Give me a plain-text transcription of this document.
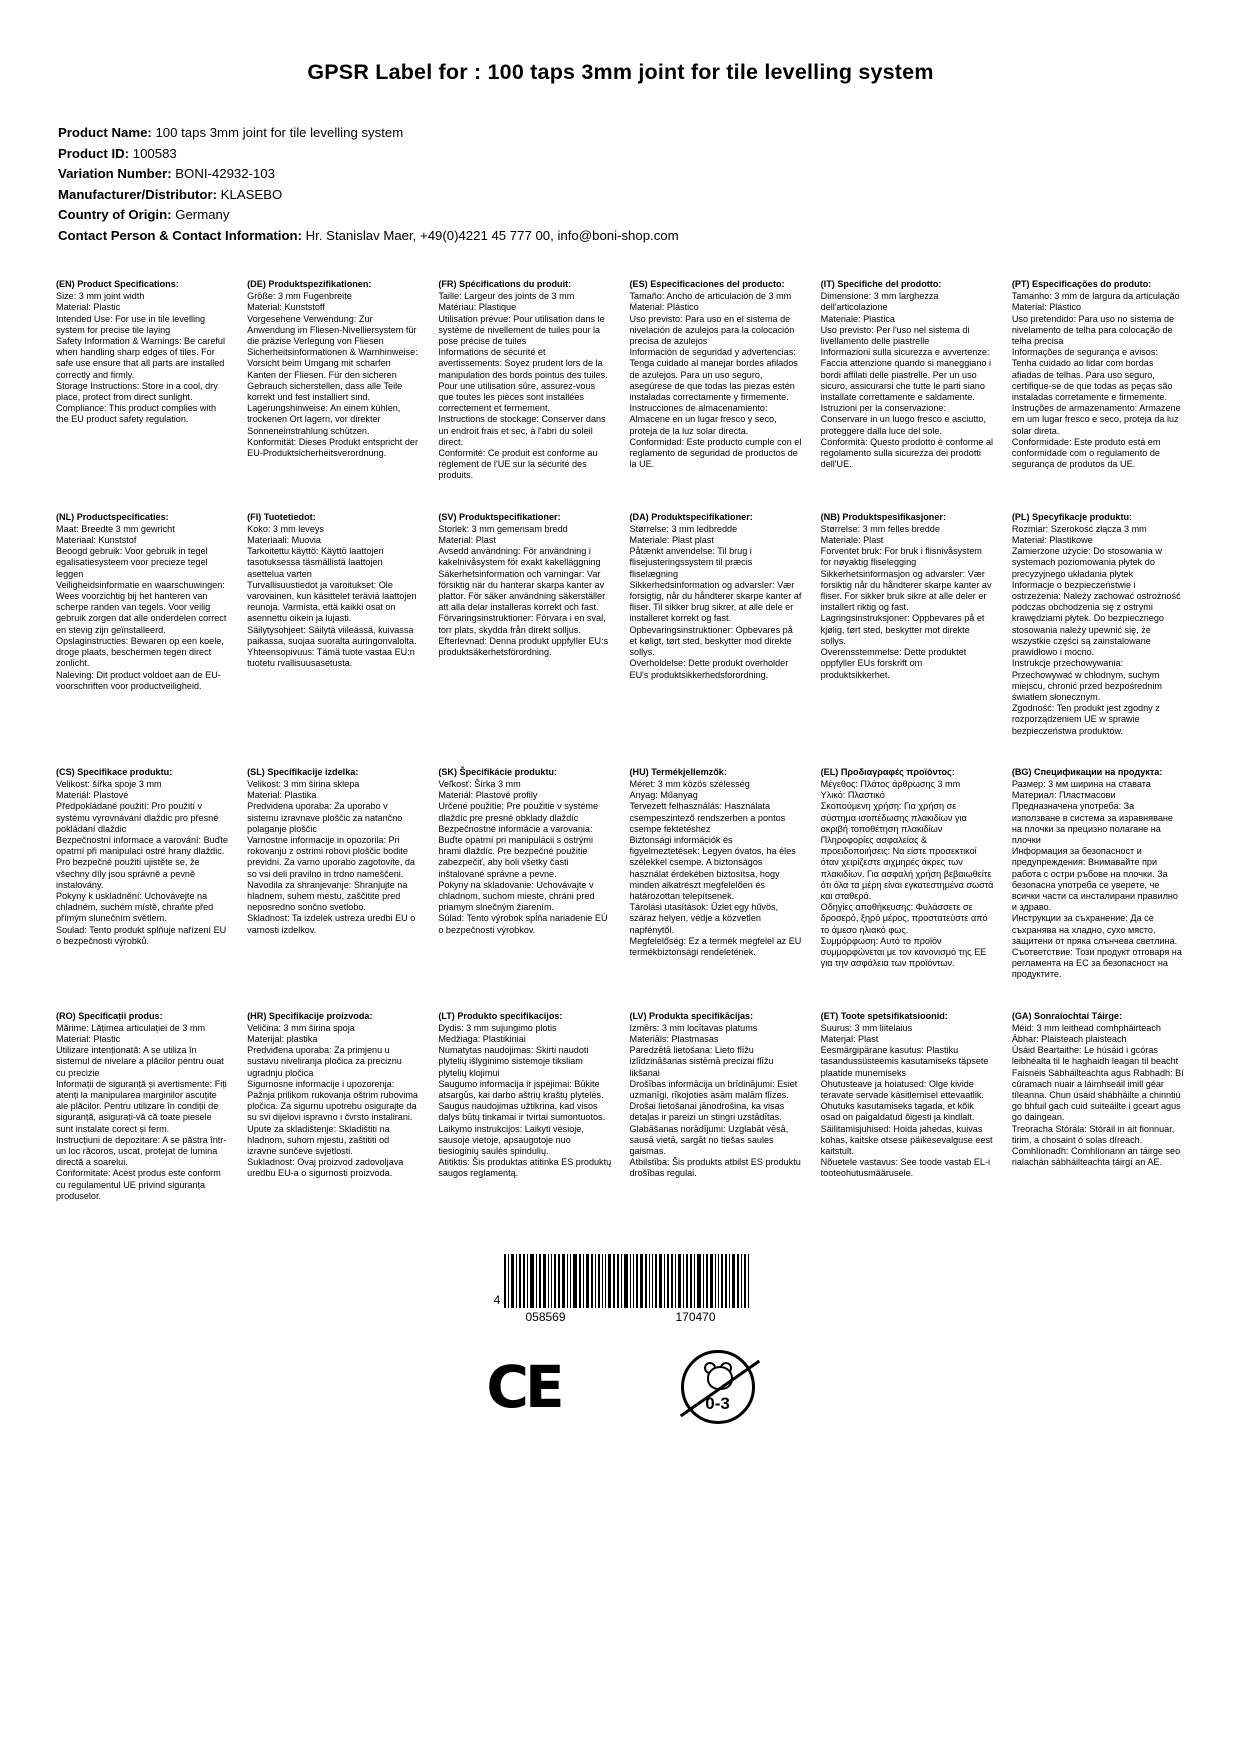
GPSR Label for : 100 taps 3mm joint for tile levelling system
Product Name: 100 taps 3mm joint for tile levelling system
Product ID: 100583
Variation Number: BONI-42932-103
Manufacturer/Distributor: KLASEBO
Country of Origin: Germany
Contact Person & Contact Information: Hr. Stanislav Maer, +49(0)4221 45 777 00, info@boni-shop.com
(EN) Product Specifications:
Size: 3 mm joint width
Material: Plastic
Intended Use: For use in tile levelling system for precise tile laying
Safety Information & Warnings: Be careful when handling sharp edges of tiles. For safe use ensure that all parts are installed correctly and firmly.
Storage Instructions: Store in a cool, dry place, protect from direct sunlight.
Compliance: This product complies with the EU product safety regulation.
(DE) Produktspezifikationen:
Größe: 3 mm Fugenbreite
Material: Kunststoff
Vorgesehene Verwendung: Zur Anwendung im Fliesen-Nivelliersystem für die präzise Verlegung von Fliesen
Sicherheitsinformationen & Warnhinweise: Vorsicht beim Umgang mit scharfen Kanten der Fliesen. Für den sicheren Gebrauch sicherstellen, dass alle Teile korrekt und fest installiert sind.
Lagerungshinweise: An einem kühlen, trockenen Ort lagern, vor direkter Sonneneinstrahlung schützen.
Konformität: Dieses Produkt entspricht der EU-Produktsicherheitsverordnung.
(FR) Spécifications du produit:
Taille: Largeur des joints de 3 mm
Matériau: Plastique
Utilisation prévue: Pour utilisation dans le système de nivellement de tuiles pour la pose précise de tuiles
Informations de sécurité et avertissements: Soyez prudent lors de la manipulation des bords pointus des tuiles. Pour une utilisation sûre, assurez-vous que toutes les pièces sont installées correctement et fermement.
Instructions de stockage: Conserver dans un endroit frais et sec, à l'abri du soleil direct.
Conformité: Ce produit est conforme au règlement de l'UE sur la sécurité des produits.
(ES) Especificaciones del producto:
Tamaño: Ancho de articulación de 3 mm
Material: Plástico
Uso previsto: Para uso en el sistema de nivelación de azulejos para la colocación precisa de azulejos
Información de seguridad y advertencias: Tenga cuidado al manejar bordes afilados de azulejos. Para un uso seguro, asegúrese de que todas las piezas estén instaladas correctamente y firmemente.
Instrucciones de almacenamiento: Almacene en un lugar fresco y seco, proteja de la luz solar directa.
Conformidad: Este producto cumple con el reglamento de seguridad de productos de la UE.
(IT) Specifiche del prodotto:
Dimensione: 3 mm larghezza dell'articolazione
Materiale: Plastica
Uso previsto: Per l'uso nel sistema di livellamento delle piastrelle
Informazioni sulla sicurezza e avvertenze: Faccia attenzione quando si maneggiano i bordi affilati delle piastrelle. Per un uso sicuro, assicurarsi che tutte le parti siano installate correttamente e saldamente.
Istruzioni per la conservazione: Conservare in un luogo fresco e asciutto, proteggere dalla luce del sole.
Conformità: Questo prodotto è conforme al regolamento sulla sicurezza dei prodotti dell'UE.
(PT) Especificações do produto:
Tamanho: 3 mm de largura da articulação
Material: Plástico
Uso pretendido: Para uso no sistema de nivelamento de telha para colocação de telha precisa
Informações de segurança e avisos: Tenha cuidado ao lidar com bordas afiadas de telhas. Para uso seguro, certifique-se de que todas as peças são instaladas corretamente e firmemente.
Instruções de armazenamento: Armazene em um lugar fresco e seco, proteja da luz solar direta.
Conformidade: Este produto está em conformidade com o regulamento de segurança de produtos da UE.
(NL) Productspecificaties:
Maat: Breedte 3 mm gewricht
Materiaal: Kunststof
Beoogd gebruik: Voor gebruik in tegel egalisatiesysteem voor precieze tegel leggen
Veiligheidsinformatie en waarschuwingen: Wees voorzichtig bij het hanteren van scherpe randen van tegels. Voor veilig gebruik zorgen dat alle onderdelen correct en stevig zijn geïnstalleerd.
Opslaginstructies: Bewaren op een koele, droge plaats, beschermen tegen direct zonlicht.
Naleving: Dit product voldoet aan de EU-voorschriften voor productveiligheid.
(FI) Tuotetiedot:
Koko: 3 mm leveys
Materiaali: Muovia
Tarkoitettu käyttö: Käyttö laattojen tasotuksessa täsmällistä laattojen asettelua varten
Turvallisuustiedot ja varoitukset: Ole varovainen, kun käsittelet teräviä laattojen reunoja. Varmista, että kaikki osat on asennettu oikein ja lujasti.
Säilytysohjeet: Säilytä viileässä, kuivassa paikassa, suojaa suoralta auringonvalolta.
Yhteensopivuus: Tämä tuote vastaa EU:n tuotetu rvallisuusasetusta.
(SV) Produktspecifikationer:
Storlek: 3 mm gemensam bredd
Material: Plast
Avsedd användning: För användning i kakelnivåsystem för exakt kakelläggning
Säkerhetsinformation och varningar: Var försiktig när du hanterar skarpa kanter av plattor. För säker användning säkerställer att alla delar installeras korrekt och fast.
Förvaringsinstruktioner: Förvara i en sval, torr plats, skydda från direkt solljus.
Efterlevnad: Denna produkt uppfyller EU:s produktsäkerhetsförordning.
(DA) Produktspecifikationer:
Størrelse: 3 mm ledbredde
Materiale: Plast plast
Påtænkt anvendelse: Til brug i flisejusteringssystem til præcis fliselægning
Sikkerhedsinformation og advarsler: Vær forsigtig, når du håndterer skarpe kanter af fliser. Til sikker brug sikrer, at alle dele er installeret korrekt og fast.
Opbevaringsinstruktioner: Opbevares på et køligt, tørt sted, beskytter mod direkte sollys.
Overholdelse: Dette produkt overholder EU's produktsikkerhedsforordning.
(NB) Produktspesifikasjoner:
Størrelse: 3 mm felles bredde
Materiale: Plast
Forventet bruk: For bruk i flisnivåsystem for nøyaktig fliselegging
Sikkerhetsinformasjon og advarsler: Vær forsiktig når du håndterer skarpe kanter av fliser. For sikker bruk sikre at alle deler er installert riktig og fast.
Lagringsinstruksjoner: Oppbevares på et kjølig, tørt sted, beskytter mot direkte sollys.
Overensstemmelse: Dette produktet oppfyller EUs forskrift om produktsikkerhet.
(PL) Specyfikacje produktu:
Rozmiar: Szerokość złącza 3 mm
Materiał: Plastikowe
Zamierzone użycie: Do stosowania w systemach poziomowania płytek do precyzyjnego układania płytek
Informacje o bezpieczeństwie i ostrzeżenia: Należy zachować ostrożność podczas obchodzenia się z ostrymi krawędziami płytek. Do bezpiecznego stosowania należy upewnić się, że wszystkie części są zainstalowane prawidłowo i mocno.
Instrukcje przechowywania: Przechowywać w chłodnym, suchym miejscu, chronić przed bezpośrednim światłem słonecznym.
Zgodność: Ten produkt jest zgodny z rozporządzeniem UE w sprawie bezpieczeństwa produktów.
(CS) Specifikace produktu:
Velikost: šířka spoje 3 mm
Materiál: Plastové
Předpokládané použití: Pro použití v systému vyrovnávání dlaždic pro přesné pokládání dlaždic
Bezpečnostní informace a varování: Buďte opatrní při manipulaci ostré hrany dlaždic. Pro bezpečné použití ujistěte se, že všechny díly jsou správně a pevně instalovány.
Pokyny k uskladnění: Uchovávejte na chladném, suchém místě, chraňte před přímým slunečním světlem.
Soulad: Tento produkt splňuje nařízení EU o bezpečnosti výrobků.
(SL) Specifikacije izdelka:
Velikost: 3 mm širina sklepa
Material: Plastika
Predvidena uporaba: Za uporabo v sistemu izravnave ploščic za natančno polaganje ploščic
Varnostne informacije in opozorila: Pri rokovanju z ostrimi robovi ploščic bodite previdni. Za varno uporabo zagotovite, da so vsi deli pravilno in trdno nameščeni.
Navodila za shranjevanje: Shranjujte na hladnem, suhem mestu, zaščitite pred neposredno sončno svetlobo.
Skladnost: Ta izdelek ustreza uredbi EU o varnosti izdelkov.
(SK) Špecifikácie produktu:
Veľkosť: Šírka 3 mm
Materiál: Plastové profily
Určené použitie: Pre použitie v systéme dlaždíc pre presné obklady dlaždíc
Bezpečnostné informácie a varovania: Buďte opatrní pri manipulácii s ostrými hrami dlaždíc. Pre bezpečné použitie zabezpečiť, aby boli všetky časti inštalované správne a pevne.
Pokyny na skladovanie: Uchovávajte v chladnom, suchom mieste, chráni pred priamym slnečným žiarením.
Súlad: Tento výrobok spĺňa nariadenie EÚ o bezpečnosti výrobkov.
(HU) Termékjellemzők:
Méret: 3 mm közös szélesség
Anyag: Műanyag
Tervezett felhasználás: Használata csempeszintező rendszerben a pontos csempe fektetéshez
Biztonsági információk és figyelmeztetések: Legyen óvatos, ha éles szélekkel csempe. A biztonságos használat érdekében biztosítsa, hogy minden alkatrészt megfelelően és határozottan telepítsenek.
Tárolási utasítások: Üzlet egy hűvös, száraz helyen, védje a közvetlen napfénytől.
Megfelelőség: Ez a termék megfelel az EU termékbiztonsági rendeletének.
(EL) Προδιαγραφές προϊόντος:
Μέγεθος: Πλάτος άρθρωσης 3 mm
Υλικό: Πλαστικό
Σκοπούμενη χρήση: Για χρήση σε σύστημα ισοπέδωσης πλακιδίων για ακριβή τοποθέτηση πλακιδίων
Πληροφορίες ασφαλείας & προειδοποιήσεις: Να είστε προσεκτικοί όταν χειρίζεστε αιχμηρές άκρες των πλακιδίων. Για ασφαλή χρήση βεβαιωθείτε ότι όλα τα μέρη είναι εγκατεστημένα σωστά και σταθερά.
Οδηγίες αποθήκευσης: Φυλάσσετε σε δροσερό, ξηρό μέρος, προστατεύστε από το άμεσο ηλιακό φως.
Συμμόρφωση: Αυτό το προϊόν συμμορφώνεται με τον κανονισμό της ΕΕ για την ασφάλεια των προϊόντων.
(BG) Спецификации на продукта:
Размер: 3 мм ширина на ставата
Материал: Пластмасови
Предназначена употреба: За използване в система за изравняване на плочки за прецизно полагане на плочки
Информация за безопасност и предупреждения: Внимавайте при работа с остри ръбове на плочки. За безопасна употреба се уверете, че всички части са инсталирани правилно и здраво.
Инструкции за съхранение: Да се съхранява на хладно, сухо място, защитени от пряка слънчева светлина.
Съответствие: Този продукт отговаря на регламента на ЕС за безопасност на продуктите.
(RO) Specificații produs:
Mărime: Lățimea articulației de 3 mm
Material: Plastic
Utilizare intenționată: A se utiliza în sistemul de nivelare a plăcilor pentru ouat cu precizie
Informații de siguranță și avertismente: Fiți atenți la manipularea marginilor ascuțite ale plăcilor. Pentru utilizare în condiții de siguranță, asigurați-vă că toate piesele sunt instalate corect și ferm.
Instrucțiuni de depozitare: A se păstra într- un loc răcoros, uscat, protejat de lumina directă a soarelui.
Conformitate: Acest produs este conform cu regulamentul UE privind siguranța produselor.
(HR) Specifikacije proizvoda:
Veličina: 3 mm širina spoja
Materijal: plastika
Predviđena uporaba: Za primjenu u sustavu niveliranja pločica za preciznu ugradnju pločica
Sigurnosne informacije i upozorenja: Pažnja prilikom rukovanja oštrim rubovima pločica. Za sigurnu upotrebu osigurajte da su svi dijelovi ispravno i čvrsto instalirani.
Upute za skladištenje: Skladištiti na hladnom, suhom mjestu, zaštititi od izravne sunčeve svjetlosti.
Sukladnost: Ovaj proizvod zadovoljava uredbu EU-a o sigurnosti proizvoda.
(LT) Produkto specifikacijos:
Dydis: 3 mm sujungimo plotis
Medžiaga: Plastikiniai
Numatytas naudojimas: Skirti naudoti plytelių išlyginimo sistemoje tiksliam plytelių klojimui
Saugumo informacija ir įspėjimai: Būkite atsargūs, kai darbo aštrių kraštų plytelės. Saugus naudojimas užtikrina, kad visos dalys būtų tinkamai ir tvirtai sumontuotos.
Laikymo instrukcijos: Laikyti vėsioje, sausoje vietoje, apsaugotoje nuo tiesioginių saulės spindulių.
Atitiktis: Šis produktas atitinka ES produktų saugos reglamentą.
(LV) Produkta specifikācijas:
Izmērs: 3 mm locītavas platums
Materiāls: Plastmasas
Paredzētā lietošana: Lieto flīžu izlīdzināšanas sistēmā precizai flīžu likšanai
Drošības informācija un brīdinājumi: Esiet uzmanīgi, rīkojoties asām malām flīzes. Drošai lietošanai jānodrošina, ka visas detaļas ir pareizi un stingri uzstādītas.
Glabāšanas norādījumi: Uzglabāt vēsā, sausā vietā, sargāt no tiešas saules gaismas.
Atbilstība: Šis produkts atbilst ES produktu drošības regulai.
(ET) Toote spetsifikatsioonid:
Suurus: 3 mm liitelaius
Materjal: Plast
Eesmärgipärane kasutus: Plastiku tasandussüsteemis kasutamiseks täpsete plaatide munemiseks
Ohutusteave ja hoiatused: Olge kivide teravate servade käsitlemisel ettevaatlik. Ohutuks kasutamiseks tagada, et kõik osad on paigaldatud õigesti ja kindlalt.
Säilitamisjuhised: Hoida jahedas, kuivas kohas, kaitske otsese päikesevalguse eest kaitstult.
Nõuetele vastavus: See toode vastab EL-i tooteohutusmäärusele.
(GA) Sonraíochtaí Táirge:
Méid: 3 mm leithead comhpháirteach
Ábhar: Plaisteach plaisteach
Úsáid Beartaithe: Le húsáid i gcóras leibhéalta til le haghaidh leagan til beacht
Faisnéis Sábháilteachta agus Rabhadh: Bí cúramach nuair a láimhseáil imill géar tíleanna. Chun úsáid shábháilte a chinntiú go bhfuil gach cuid suiteáilte i gceart agus go daingean.
Treoracha Stórála: Stóráil in áit fionnuar, tirim, a chosaint ó solas díreach.
Comhlíonadh: Comhlíonann an táirge seo rialachán sábháilteachta táirgí an AE.
4
058569	170470
CE	0-3
